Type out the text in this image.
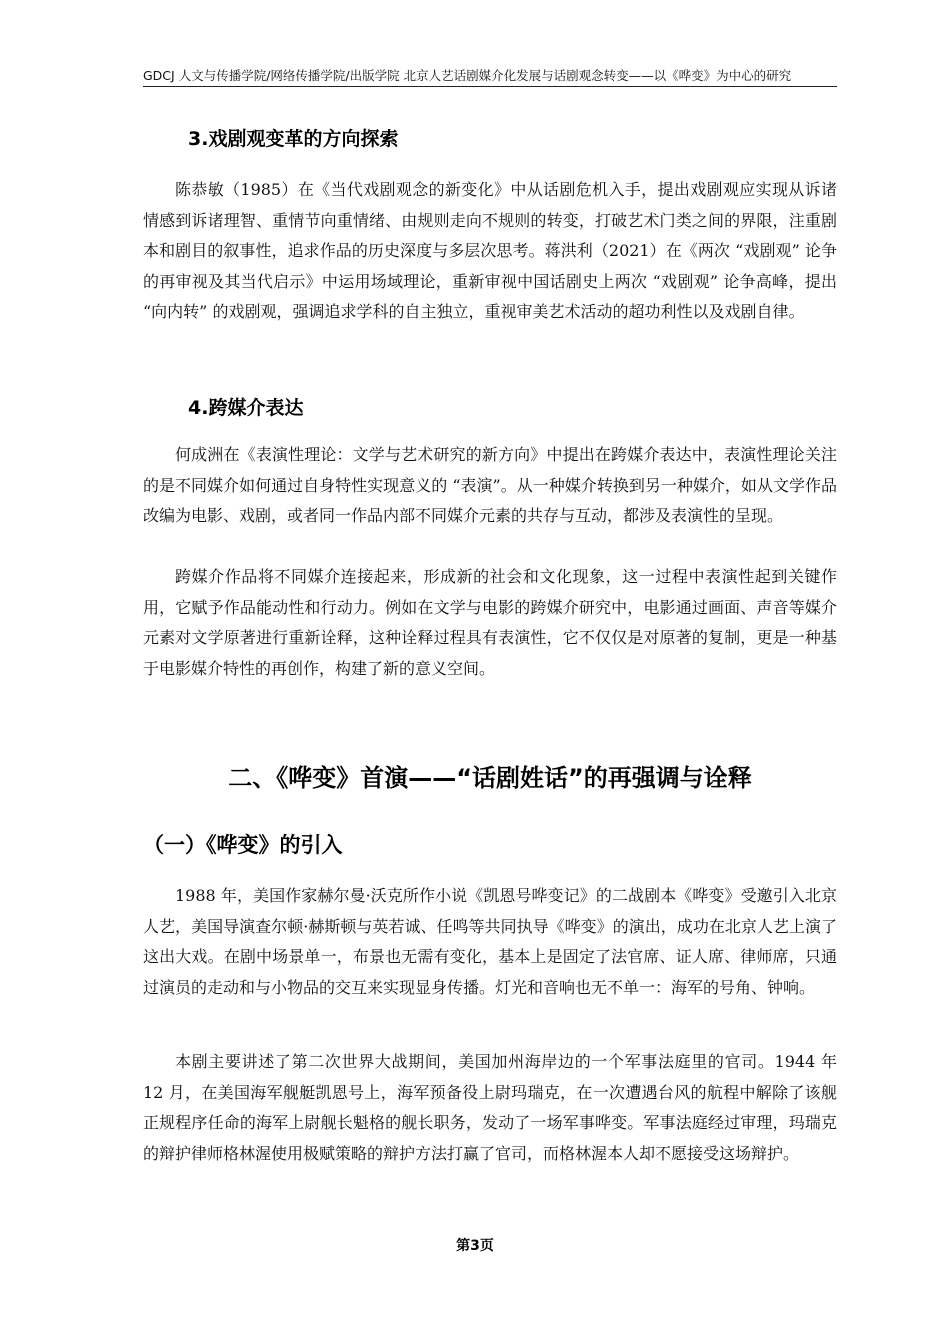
GDCJ 人文与传播学院/网络传播学院/出版学院 北京人艺话剧媒介化发展与话剧观念转变——以《哗变》为中心的研究
3.戏剧观变革的方向探索

陈恭敏（1985）在《当代戏剧观念的新变化》中从话剧危机入手，提出戏剧观应实现从诉诸情感到诉诸理智、重情节向重情绪、由规则走向不规则的转变，打破艺术门类之间的界限，注重剧本和剧目的叙事性，追求作品的历史深度与多层次思考。蒋洪利（2021）在《两次 “戏剧观” 论争的再审视及其当代启示》中运用场域理论，重新审视中国话剧史上两次 “戏剧观” 论争高峰，提出 “向内转” 的戏剧观，强调追求学科的自主独立，重视审美艺术活动的超功利性以及戏剧自律。

4.跨媒介表达

何成洲在《表演性理论：文学与艺术研究的新方向》中提出在跨媒介表达中，表演性理论关注的是不同媒介如何通过自身特性实现意义的 “表演”。从一种媒介转换到另一种媒介，如从文学作品改编为电影、戏剧，或者同一作品内部不同媒介元素的共存与互动，都涉及表演性的呈现。

跨媒介作品将不同媒介连接起来，形成新的社会和文化现象，这一过程中表演性起到关键作用，它赋予作品能动性和行动力。例如在文学与电影的跨媒介研究中，电影通过画面、声音等媒介元素对文学原著进行重新诠释，这种诠释过程具有表演性，它不仅仅是对原著的复制，更是一种基于电影媒介特性的再创作，构建了新的意义空间。

二、《哗变》首演——“话剧姓话”的再强调与诠释
（一）《哗变》的引入

1988 年，美国作家赫尔曼·沃克所作小说《凯恩号哗变记》的二战剧本《哗变》受邀引入北京人艺，美国导演查尔顿·赫斯顿与英若诚、任鸣等共同执导《哗变》的演出，成功在北京人艺上演了这出大戏。在剧中场景单一，布景也无需有变化，基本上是固定了法官席、证人席、律师席，只通过演员的走动和与小物品的交互来实现显身传播。灯光和音响也无不单一：海军的号角、钟响。

本剧主要讲述了第二次世界大战期间，美国加州海岸边的一个军事法庭里的官司。1944 年 12 月，在美国海军舰艇凯恩号上，海军预备役上尉玛瑞克，在一次遭遇台风的航程中解除了该舰正规程序任命的海军上尉舰长魁格的舰长职务，发动了一场军事哗变。军事法庭经过审理，玛瑞克的辩护律师格林渥使用极赋策略的辩护方法打赢了官司，而格林渥本人却不愿接受这场辩护。

第3页
